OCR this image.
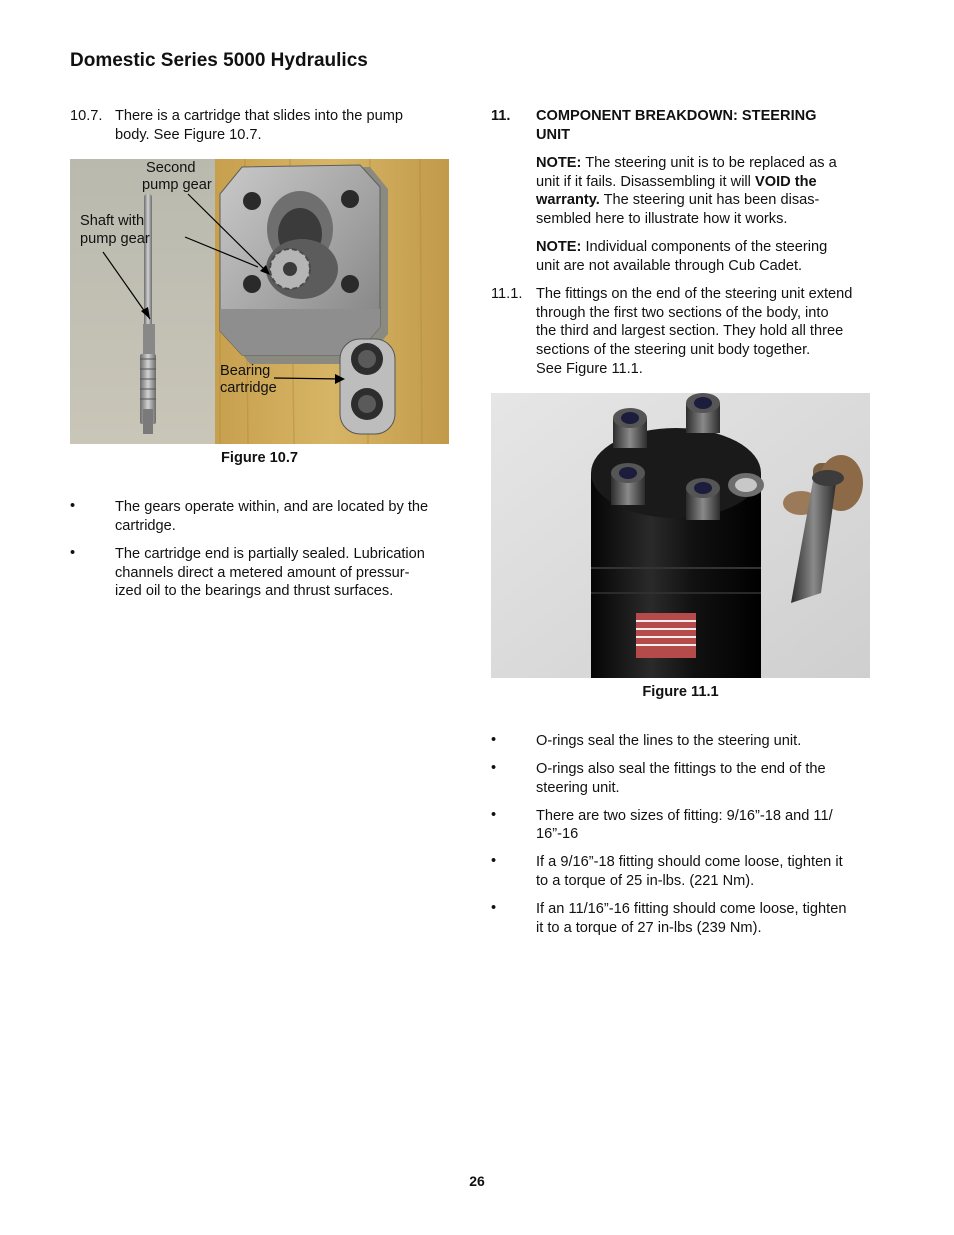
Domestic Series 5000 Hydraulics
10.7. There is a cartridge that slides into the pump
body. See Figure 10.7.
Second
pump gear
Shaft with
pump gear
Bearing
cartridge
Figure 10.7
•	The gears operate within, and are located by the
cartridge.
•	The cartridge end is partially sealed. Lubrication
channels direct a metered amount of pressur-
ized oil to the bearings and thrust surfaces.
11. COMPONENT BREAKDOWN: STEERING
UNIT
NOTE: The steering unit is to be replaced as a
unit if it fails. Disassembling it will VOID the
warranty. The steering unit has been disas-
sembled here to illustrate how it works.
NOTE: Individual components of the steering
unit are not available through Cub Cadet.
11.1. The fittings on the end of the steering unit extend
through the first two sections of the body, into
the third and largest section. They hold all three
sections of the steering unit body together.
See Figure 11.1.
Figure 11.1
•	O-rings seal the lines to the steering unit.
•	O-rings also seal the fittings to the end of the
steering unit.
•	There are two sizes of fitting: 9/16”-18 and 11/
16”-16
•	If a 9/16”-18 fitting should come loose, tighten it
to a torque of 25 in-lbs. (221 Nm).
•	If an 11/16”-16 fitting should come loose, tighten
it to a torque of 27 in-lbs (239 Nm).
26
